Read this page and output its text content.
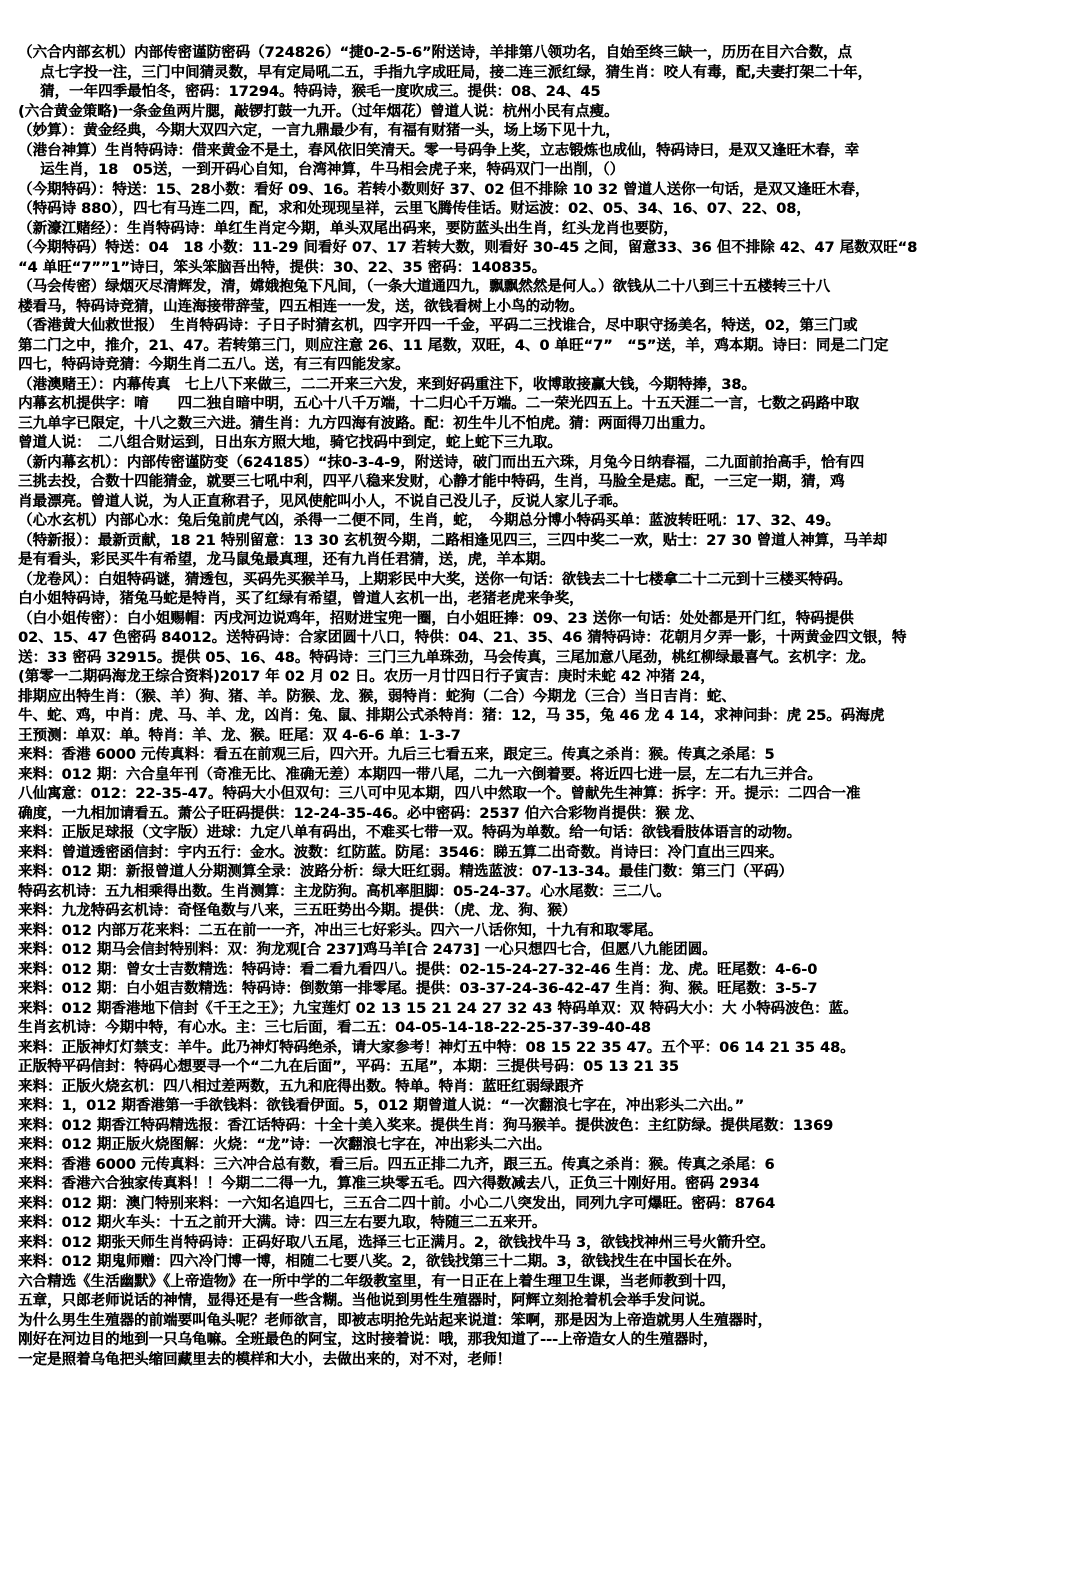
（六合内部玄机）内部传密谨防密码（724826）“捷0-2-5-6”附送诗，羊排第八领功名，自始至终三缺一，历历在目六合数，点
点七字投一注，三门中间猜灵数，早有定局吼二五，手指九字成旺局，接二连三派红绿，猜生肖：咬人有毒，配,夫妻打架二十年，
猜，一年四季最怕冬，密码：17294。特码诗，猴毛一度吹成三。提供：08、24、45
(六合黄金策略)一条金鱼两片腮，敲锣打鼓一九开。（过年烟花）曾道人说：杭州小民有点瘦。
（妙算）：黄金经典，今期大双四六定，一言九鼎最少有，有福有财猪一头，场上场下见十九，
（港台神算）生肖特码诗：借来黄金不是土，春风依旧笑清天。零一号码争上奖，立志锻炼也成仙，特码诗曰，是双又逢旺木春，幸
运生肖，18　05送，一到开码心自知，台湾神算，牛马相会虎子来，特码双门一出削，（）
（今期特码）：特送：15、28小数：看好 09、16。若转小数则好 37、02 但不排除 10 32 曾道人送你一句话，是双又逢旺木春，
（特码诗 880），四七有马连二四，配，求和处现现呈祥，云里飞腾传佳话。财运波：02、05、34、16、07、22、08，
（新濠江赌经）：生肖特码诗：单红生肖定今期，单头双尾出码来，要防蓝头出生肖，红头龙肖也要防，
（今期特码）特送：04　18 小数：11-29 间看好 07、17 若转大数，则看好 30-45 之间，留意33、36 但不排除 42、47 尾数双旺“8
“4 单旺“7””1”诗曰，笨头笨脑吾出特，提供：30、22、35 密码：140835。
（马会传密）绿烟灭尽清辉发，清，嫦娥抱兔下凡间，（一条大道通四九，飘飘然然是何人。）欲钱从二十八到三十五楼转三十八
楼看马，特码诗竞猜，山连海接带辞莹，四五相连一一发，送，欲钱看树上小鸟的动物。
（香港黄大仙救世报）　生肖特码诗：子日子时猜玄机，四字开四一千金，平码二三找谁合，尽中职守扬美名，特送，02，第三门或
第二门之中，推介，21、47。若转第三门，则应注意 26、11 尾数，双旺，4、0 单旺“7”　“5”送，羊，鸡本期。诗曰：同是二门定
四七，特码诗竞猜：今期生肖二五八。送，有三有四能发家。
（港澳赌王）：内幕传真　七上八下来做三，二二开来三六发，来到好码重注下，收博敢接赢大钱，今期特捧，38。
内幕玄机提供字：唷　　四二独自暗中明，五心十八千万端，十二归心千万端。二一荣光四五上。十五天涯二一言，七数之码路中取
三九单字已限定，十八之数三六进。猜生肖：九方四海有波路。配：初生牛儿不怕虎。猜：两面得刀出重力。
曾道人说：　二八组合财运到，日出东方照大地，骑它找码中到定，蛇上蛇下三九取。
（新内幕玄机）：内部传密谨防变（624185）“抹0-3-4-9，附送诗，破门而出五六珠，月兔今日纳春福，二九面前抬高手，恰有四
三挑去投，合数十四能猜金，就要三七吼中利，四平八稳来发财，心静才能中特码，生肖，马脸全是痣。配，一三定一期，猜，鸡
肖最漂亮。曾道人说，为人正直称君子，见风使舵叫小人，不说自己没儿子，反说人家儿子乖。
（心水玄机）内部心水：兔后兔前虎气凶，杀得一二便不同，生肖，蛇，　今期总分博小特码买单：蓝波转旺吼：17、32、49。
（特新报）：最新贡献，18 21 特别留意：13 30 玄机贺今期，二路相逢见四三，三四中奖二一欢，贴士：27 30 曾道人神算，马羊却
是有看头，彩民买牛有希望，龙马鼠兔最真理，还有九肖任君猜，送，虎，羊本期。
（龙卷风）：白姐特码谜，猜透包，买码先买猴羊马，上期彩民中大奖，送你一句话：欲钱去二十七楼拿二十二元到十三楼买特码。
白小姐特码诗，猪兔马蛇是特肖，买了红绿有希望，曾道人玄机一出，老猪老虎来争奖，
（白小姐传密）：白小姐赐帽：丙戌河边说鸡年，招财进宝兜一圈，白小姐旺捧：09、23 送你一句话：处处都是开门红，特码提供
02、15、47 色密码 84012。送特码诗：合家团圆十八口，特供：04、21、35、46 猜特码诗：花朝月夕弄一影，十两黄金四文银，特
送：33 密码 32915。提供 05、16、48。特码诗：三门三九单珠劲，马会传真，三尾加意八尾劲，桃红柳绿最喜气。玄机字：龙。
(第零一二期码海龙王综合资料)2017 年 02 月 02 日。农历一月廿四日行子寅吉：庚时未蛇 42 冲猪 24，
排期应出特生肖：（猴、羊）狗、猪、羊。防猴、龙、猴，弱特肖：蛇狗（二合）今期龙（三合）当日吉肖：蛇、
牛、蛇、鸡，中肖：虎、马、羊、龙，凶肖：兔、鼠、排期公式杀特肖：猪：12，马 35，兔 46 龙 4 14，求神问卦：虎 25。码海虎
王预测：单双：单。特肖：羊、龙、猴。旺尾：双 4-6-6 单：1-3-7
来料：香港 6000 元传真料：看五在前观三后，四六开。九后三七看五来，跟定三。传真之杀肖：猴。传真之杀尾：5
来料：012 期：六合皇年刊（奇准无比、准确无差）本期四一带八尾，二九一六倒着要。将近四七进一层，左二右九三并合。
八仙寓意：012：22-35-47。特码大小但双句：三八可中见本期，四八中然取一个。曾献先生神算：拆字：开。提示：二四合一准
确度，一九相加请看五。萧公子旺码提供：12-24-35-46。必中密码：2537 伯六合彩物肖提供：猴 龙、
来料：正版足球报（文字版）进球：九定八单有码出，不难买七带一双。特码为单数。给一句话：欲钱看肢体语言的动物。
来料：曾道透密函信封：宇内五行：金水。波数：红防蓝。防尾：3546：睇五算二出奇数。肖诗曰：冷门直出三四来。
来料：012 期：新报曾道人分期测算全录：波路分析：绿大旺红弱。精选蓝波：07-13-34。最佳门数：第三门（平码）
特码玄机诗：五九相乘得出数。生肖测算：主龙防狗。高机率胆脚：05-24-37。心水尾数：三二八。
来料：九龙特码玄机诗：奇怪龟数与八来，三五旺势出今期。提供：（虎、龙、狗、猴）
来料：012 内部万花来料：二五在前一一齐，冲出三七好彩头。四六一八话你知，十九有和取零尾。
来料：012 期马会信封特别料：双：狗龙观[合 237]鸡马羊[合 2473] 一心只想四七合，但愿八九能团圆。
来料：012 期：曾女士吉数精选：特码诗：看二看九看四八。提供：02-15-24-27-32-46 生肖：龙、虎。旺尾数：4-6-0
来料：012 期：白小姐吉数精选：特码诗：倒数第一排零尾。提供：03-37-24-36-42-47 生肖：狗、猴。旺尾数：3-5-7
来料：012 期香港地下信封《千王之王》；九宝莲灯 02 13 15 21 24 27 32 43 特码单双：双 特码大小：大 小特码波色：蓝。
生肖玄机诗：今期中特，有心水。主：三七后面，看二五：04-05-14-18-22-25-37-39-40-48
来料：正版神灯灯禁支：羊牛。此乃神灯特码绝杀，请大家参考！神灯五中特：08 15 22 35 47。五个平：06 14 21 35 48。
正版特平码信封：特码心想要寻一个“二九在后面”，平码：五尾”，本期：三提供号码：05 13 21 35
来料：正版火烧玄机：四八相过差两数，五九和庇得出数。特单。特肖：蓝旺红弱绿跟齐
来料：1，012 期香港第一手欲钱料：欲钱看伊面。5，012 期曾道人说：“一次翻浪七字在，冲出彩头二六出。”
来料：012 期香江特码精选报：香江话特码：十全十美入奖来。提供生肖：狗马猴羊。提供波色：主红防绿。提供尾数：1369
来料：012 期正版火烧图解：火烧：“龙”诗：一次翻浪七字在，冲出彩头二六出。
来料：香港 6000 元传真料：三六冲合总有数，看三后。四五正排二九齐，跟三五。传真之杀肖：猴。传真之杀尾：6
来料：香港六合独家传真料！！今期二二得一九，算准三块零五毛。四六得数减去八，正负三十刚好用。密码 2934
来料：012 期：澳门特别来料：一六知名追四七，三五合二四十前。小心二八突发出，同列九字可爆旺。密码：8764
来料：012 期火车头：十五之前开大满。诗：四三左右要九取，特随三二五来开。
来料：012 期张天师生肖特码诗：正码好取八五尾，选择三七正满月。2，欲钱找牛马 3，欲钱找神州三号火箭升空。
来料：012 期鬼师赠：四六冷门博一博，相随二七要八奖。2，欲钱找第三十二期。3，欲钱找生在中国长在外。
六合精选《生活幽默》《上帝造物》在一所中学的二年级教室里，有一日正在上着生理卫生课，当老师教到十四，
五章，只郎老师说话的神情，显得还是有一些含糊。当他说到男性生殖器时，阿辉立刻抢着机会举手发问说。
为什么男生生殖器的前端要叫龟头呢？老师欲言，即被志明抢先站起来说道：笨啊，那是因为上帝造就男人生殖器时，
刚好在河边目的地到一只乌龟嘛。全班最色的阿宝，这时接着说：哦，那我知道了---上帝造女人的生殖器时，
一定是照着乌龟把头缩回藏里去的模样和大小，去做出来的，对不对，老师！
